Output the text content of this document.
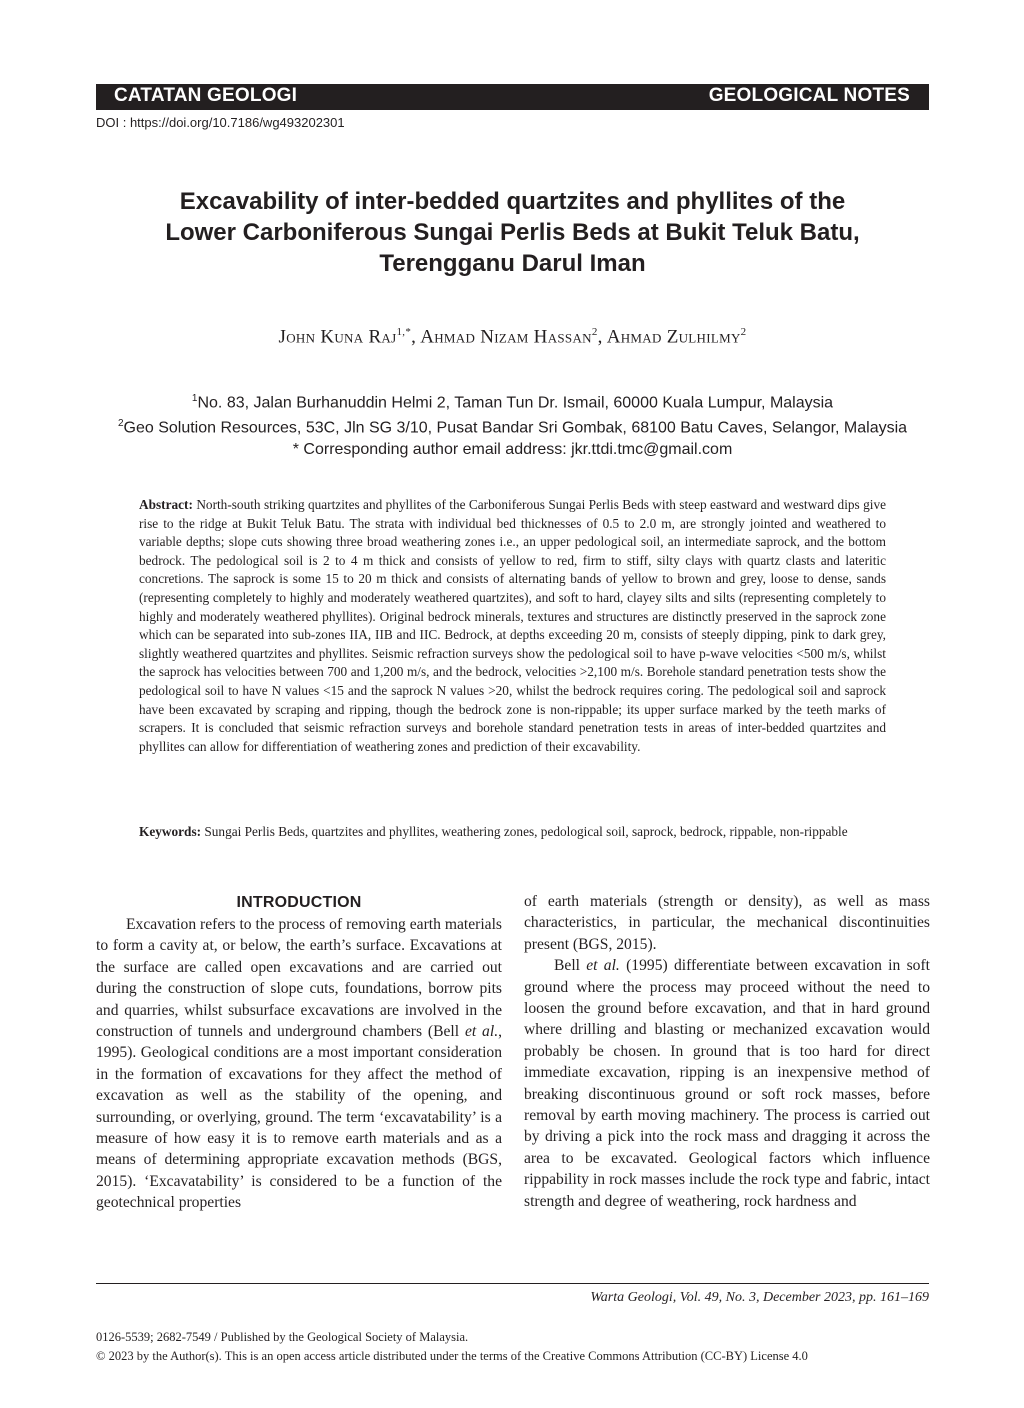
CATATAN GEOLOGI	GEOLOGICAL NOTES
DOI : https://doi.org/10.7186/wg493202301
Excavability of inter-bedded quartzites and phyllites of the
Lower Carboniferous Sungai Perlis Beds at Bukit Teluk Batu,
Terengganu Darul Iman
John Kuna Raj$^{1,*}$, Ahmad Nizam Hassan$^2$, Ahmad Zulhilmy$^2$
$^1$No. 83, Jalan Burhanuddin Helmi 2, Taman Tun Dr. Ismail, 60000 Kuala Lumpur, Malaysia
$^2$Geo Solution Resources, 53C, Jln SG 3/10, Pusat Bandar Sri Gombak, 68100 Batu Caves, Selangor, Malaysia
* Corresponding author email address: jkr.ttdi.tmc@gmail.com

Abstract: North-south striking quartzites and phyllites of the Carboniferous Sungai Perlis Beds with steep eastward and westward dips give rise to the ridge at Bukit Teluk Batu. The strata with individual bed thicknesses of 0.5 to 2.0 m, are strongly jointed and weathered to variable depths; slope cuts showing three broad weathering zones i.e., an upper pedological soil, an intermediate saprock, and the bottom bedrock. The pedological soil is 2 to 4 m thick and consists of yellow to red, firm to stiff, silty clays with quartz clasts and lateritic concretions. The saprock is some 15 to 20 m thick and consists of alternating bands of yellow to brown and grey, loose to dense, sands (representing completely to highly and moderately weathered quartzites), and soft to hard, clayey silts and silts (representing completely to highly and moderately weathered phyllites). Original bedrock minerals, textures and structures are distinctly preserved in the saprock zone which can be separated into sub-zones IIA, IIB and IIC. Bedrock, at depths exceeding 20 m, consists of steeply dipping, pink to dark grey, slightly weathered quartzites and phyllites. Seismic refraction surveys show the pedological soil to have p-wave velocities <500 m/s, whilst the saprock has velocities between 700 and 1,200 m/s, and the bedrock, velocities >2,100 m/s. Borehole standard penetration tests show the pedological soil to have N values <15 and the saprock N values >20, whilst the bedrock requires coring. The pedological soil and saprock have been excavated by scraping and ripping, though the bedrock zone is non-rippable; its upper surface marked by the teeth marks of scrapers. It is concluded that seismic refraction surveys and borehole standard penetration tests in areas of inter-bedded quartzites and phyllites can allow for differentiation of weathering zones and prediction of their excavability.

Keywords: Sungai Perlis Beds, quartzites and phyllites, weathering zones, pedological soil, saprock, bedrock, rippable, non-rippable

INTRODUCTION

Excavation refers to the process of removing earth materials to form a cavity at, or below, the earth’s surface. Excavations at the surface are called open excavations and are carried out during the construction of slope cuts, foundations, borrow pits and quarries, whilst subsurface excavations are involved in the construction of tunnels and underground chambers (Bell et al., 1995). Geological conditions are a most important consideration in the formation of excavations for they affect the method of excavation as well as the stability of the opening, and surrounding, or overlying, ground. The term ‘excavatability’ is a measure of how easy it is to remove earth materials and as a means of determining appropriate excavation methods (BGS, 2015). ‘Excavatability’ is considered to be a function of the geotechnical properties

of earth materials (strength or density), as well as mass characteristics, in particular, the mechanical discontinuities present (BGS, 2015).

Bell et al. (1995) differentiate between excavation in soft ground where the process may proceed without the need to loosen the ground before excavation, and that in hard ground where drilling and blasting or mechanized excavation would probably be chosen. In ground that is too hard for direct immediate excavation, ripping is an inexpensive method of breaking discontinuous ground or soft rock masses, before removal by earth moving machinery. The process is carried out by driving a pick into the rock mass and dragging it across the area to be excavated. Geological factors which influence rippability in rock masses include the rock type and fabric, intact strength and degree of weathering, rock hardness and

Warta Geologi, Vol. 49, No. 3, December 2023, pp. 161–169
0126-5539; 2682-7549 / Published by the Geological Society of Malaysia.
© 2023 by the Author(s). This is an open access article distributed under the terms of the Creative Commons Attribution (CC-BY) License 4.0
